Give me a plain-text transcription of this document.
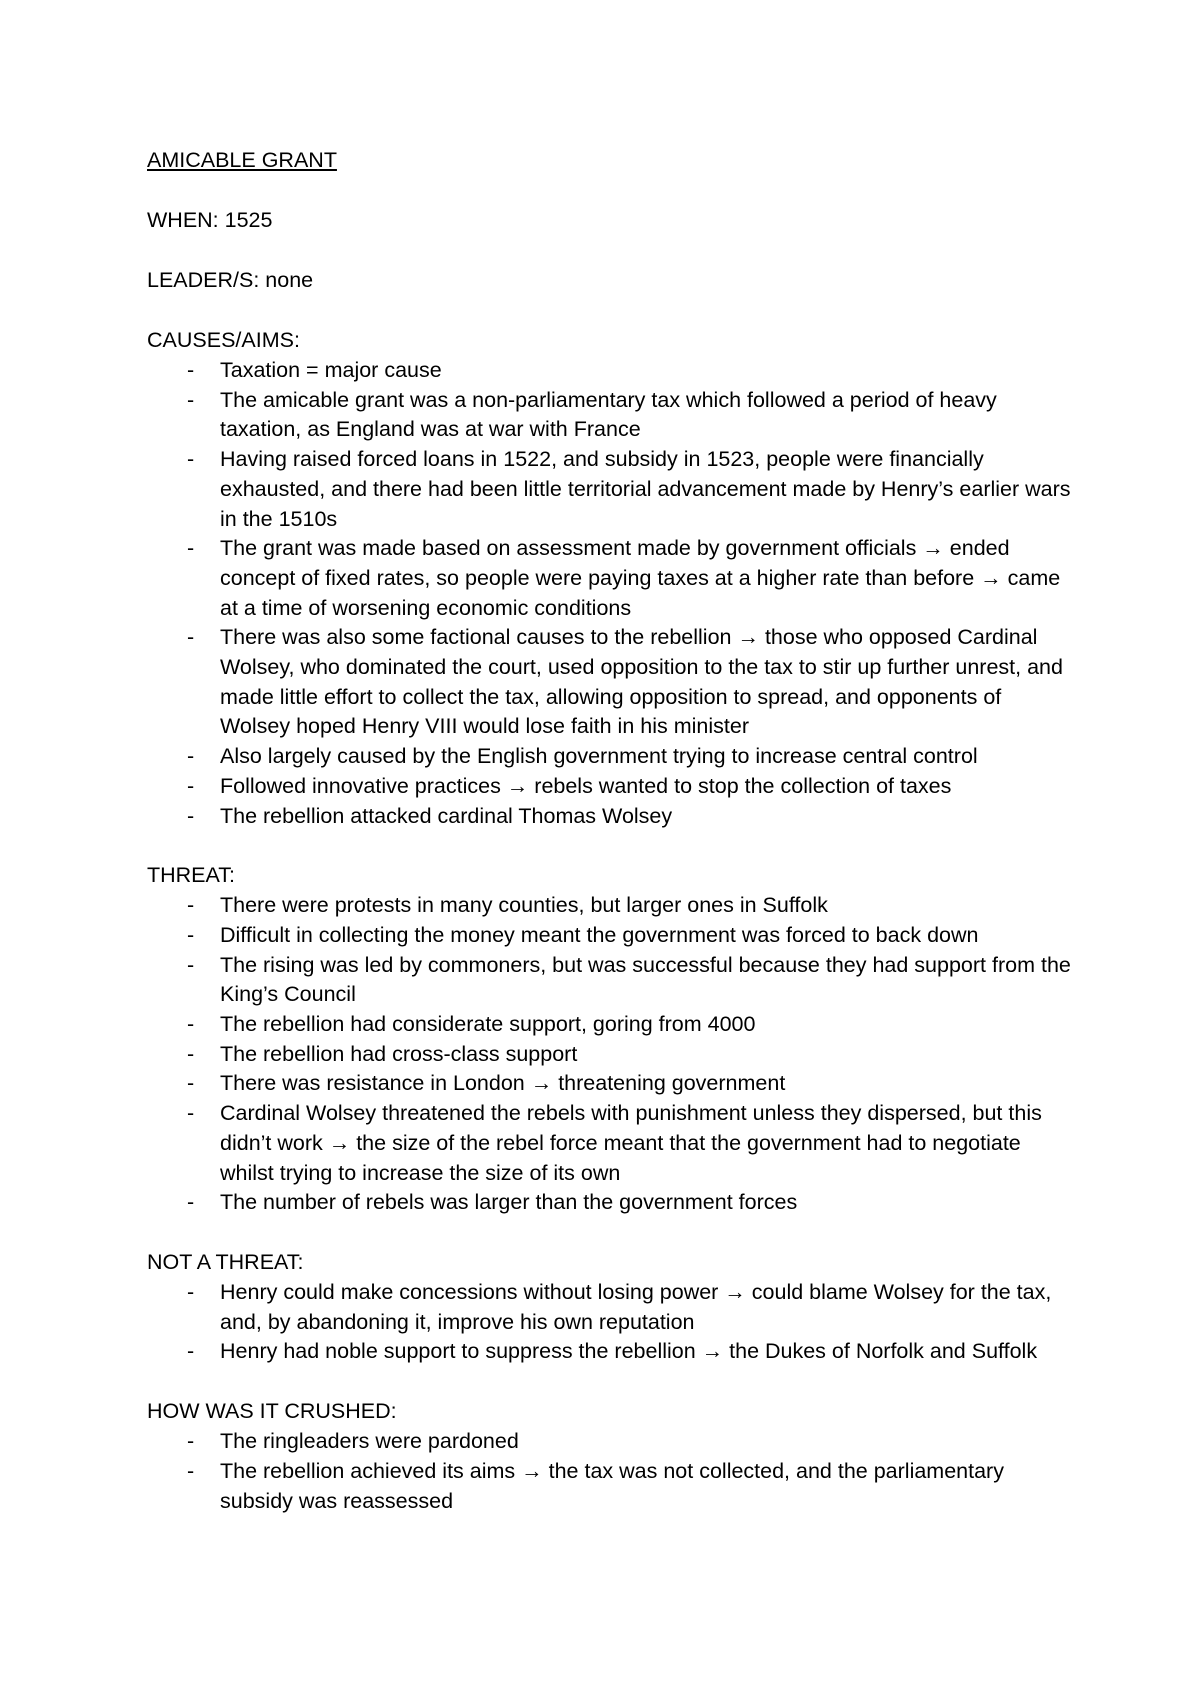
AMICABLE GRANT
WHEN: 1525
LEADER/S: none
CAUSES/AIMS:
- Taxation = major cause
- The amicable grant was a non-parliamentary tax which followed a period of heavy taxation, as England was at war with France
- Having raised forced loans in 1522, and subsidy in 1523, people were financially exhausted, and there had been little territorial advancement made by Henry’s earlier wars in the 1510s
- The grant was made based on assessment made by government officials → ended concept of fixed rates, so people were paying taxes at a higher rate than before → came at a time of worsening economic conditions
- There was also some factional causes to the rebellion → those who opposed Cardinal Wolsey, who dominated the court, used opposition to the tax to stir up further unrest, and made little effort to collect the tax, allowing opposition to spread, and opponents of Wolsey hoped Henry VIII would lose faith in his minister
- Also largely caused by the English government trying to increase central control
- Followed innovative practices → rebels wanted to stop the collection of taxes
- The rebellion attacked cardinal Thomas Wolsey
THREAT:
- There were protests in many counties, but larger ones in Suffolk
- Difficult in collecting the money meant the government was forced to back down
- The rising was led by commoners, but was successful because they had support from the King’s Council
- The rebellion had considerate support, goring from 4000
- The rebellion had cross-class support
- There was resistance in London → threatening government
- Cardinal Wolsey threatened the rebels with punishment unless they dispersed, but this didn’t work → the size of the rebel force meant that the government had to negotiate whilst trying to increase the size of its own
- The number of rebels was larger than the government forces
NOT A THREAT:
- Henry could make concessions without losing power → could blame Wolsey for the tax, and, by abandoning it, improve his own reputation
- Henry had noble support to suppress the rebellion → the Dukes of Norfolk and Suffolk
HOW WAS IT CRUSHED:
- The ringleaders were pardoned
- The rebellion achieved its aims → the tax was not collected, and the parliamentary subsidy was reassessed
